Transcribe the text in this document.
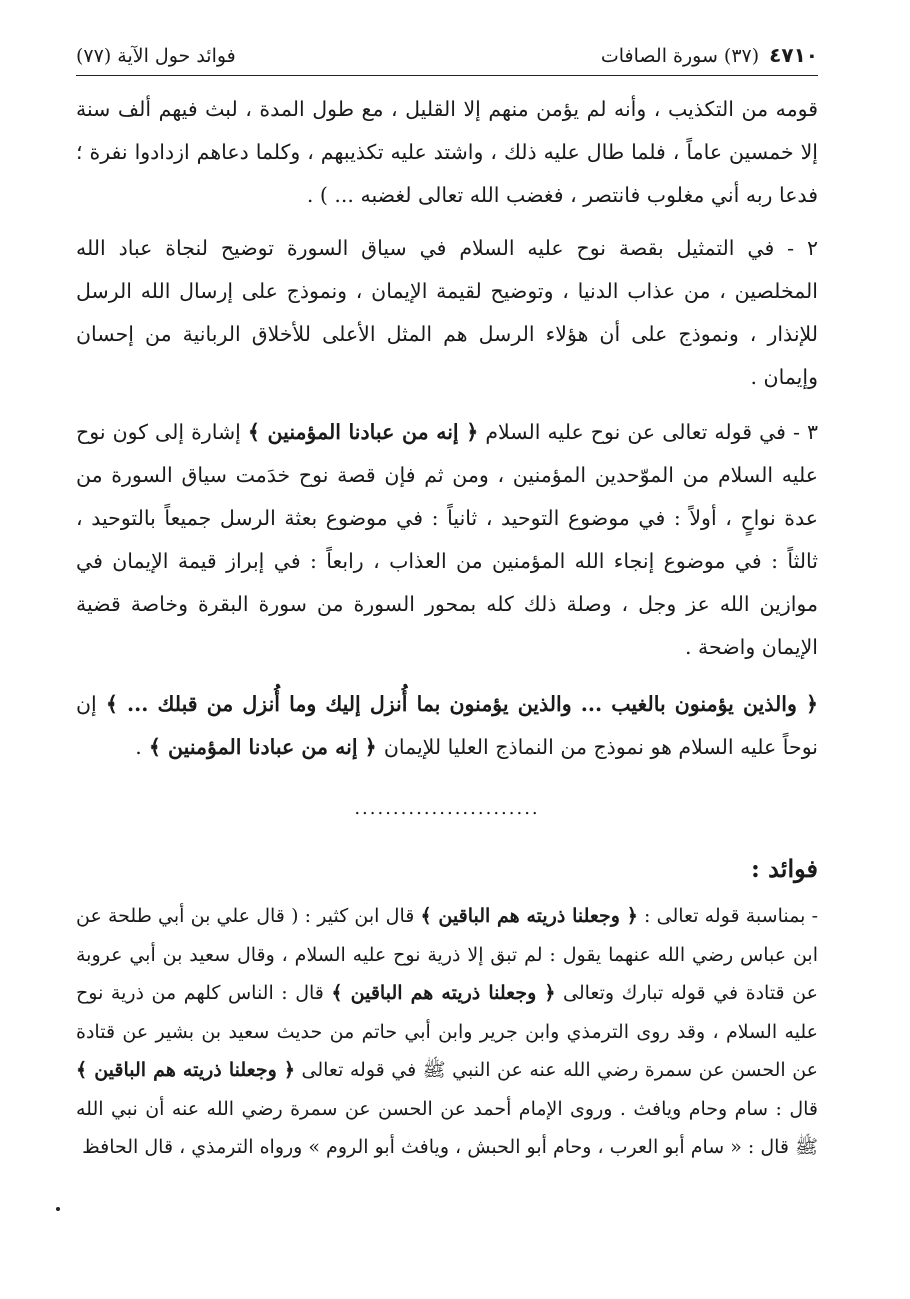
٤٧١٠
(٣٧) سورة الصافات
فوائد حول الآية (٧٧)

قومه من التكذيب ، وأنه لم يؤمن منهم إلا القليل ، مع طول المدة ، لبث فيهم ألف سنة إلا خمسين عاماً ، فلما طال عليه ذلك ، واشتد عليه تكذيبهم ، وكلما دعاهم ازدادوا نفرة ؛ فدعا ربه أني مغلوب فانتصر ، فغضب الله تعالى لغضبه ... ) .

٢ - في التمثيل بقصة نوح عليه السلام في سياق السورة توضيح لنجاة عباد الله المخلصين ، من عذاب الدنيا ، وتوضيح لقيمة الإيمان ، ونموذج على إرسال الله الرسل للإنذار ، ونموذج على أن هؤلاء الرسل هم المثل الأعلى للأخلاق الربانية من إحسان وإيمان .

٣ - في قوله تعالى عن نوح عليه السلام ﴿ إنه من عبادنا المؤمنين ﴾ إشارة إلى كون نوح عليه السلام من الموّحدين المؤمنين ، ومن ثم فإن قصة نوح خدَمت سياق السورة من عدة نواحٍ ، أولاً : في موضوع التوحيد ، ثانياً : في موضوع بعثة الرسل جميعاً بالتوحيد ، ثالثاً : في موضوع إنجاء الله المؤمنين من العذاب ، رابعاً : في إبراز قيمة الإيمان في موازين الله عز وجل ، وصلة ذلك كله بمحور السورة من سورة البقرة وخاصة قضية الإيمان واضحة .

﴿ والذين يؤمنون بالغيب ... والذين يؤمنون بما أُنزل إليك وما أُنزل من قبلك ... ﴾ إن نوحاً عليه السلام هو نموذج من النماذج العليا للإيمان ﴿ إنه من عبادنا المؤمنين ﴾ .

........................
فوائد :

- بمناسبة قوله تعالى : ﴿ وجعلنا ذريته هم الباقين ﴾ قال ابن كثير : ( قال علي بن أبي طلحة عن ابن عباس رضي الله عنهما يقول : لم تبق إلا ذرية نوح عليه السلام ، وقال سعيد بن أبي عروبة عن قتادة في قوله تبارك وتعالى ﴿ وجعلنا ذريته هم الباقين ﴾ قال : الناس كلهم من ذرية نوح عليه السلام ، وقد روى الترمذي وابن جرير وابن أبي حاتم من حديث سعيد بن بشير عن قتادة عن الحسن عن سمرة رضي الله عنه عن النبي ﷺ في قوله تعالى ﴿ وجعلنا ذريته هم الباقين ﴾ قال : سام وحام ويافث . وروى الإمام أحمد عن الحسن عن سمرة رضي الله عنه أن نبي الله ﷺ قال : « سام أبو العرب ، وحام أبو الحبش ، ويافث أبو الروم » ورواه الترمذي ، قال الحافظ
